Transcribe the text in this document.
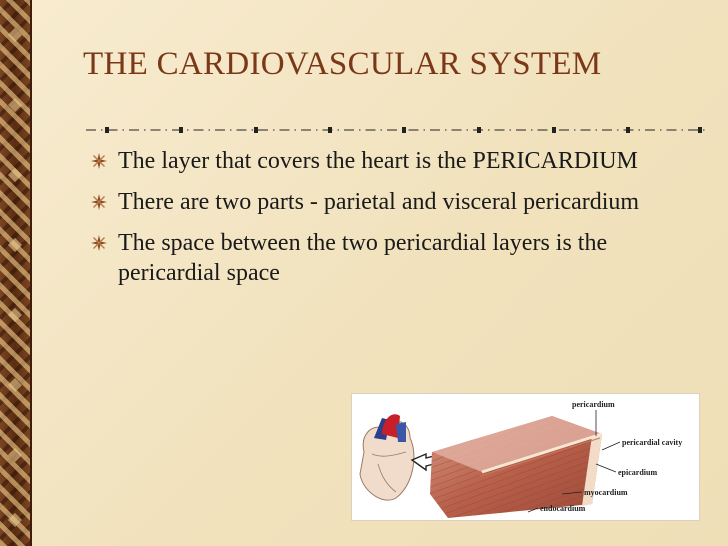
THE CARDIOVASCULAR SYSTEM
The layer that covers the heart is the PERICARDIUM
There are two parts - parietal and visceral pericardium
The space between the two pericardial layers is the pericardial space
pericardium
pericardial cavity
epicardium
myocardium
endocardium
